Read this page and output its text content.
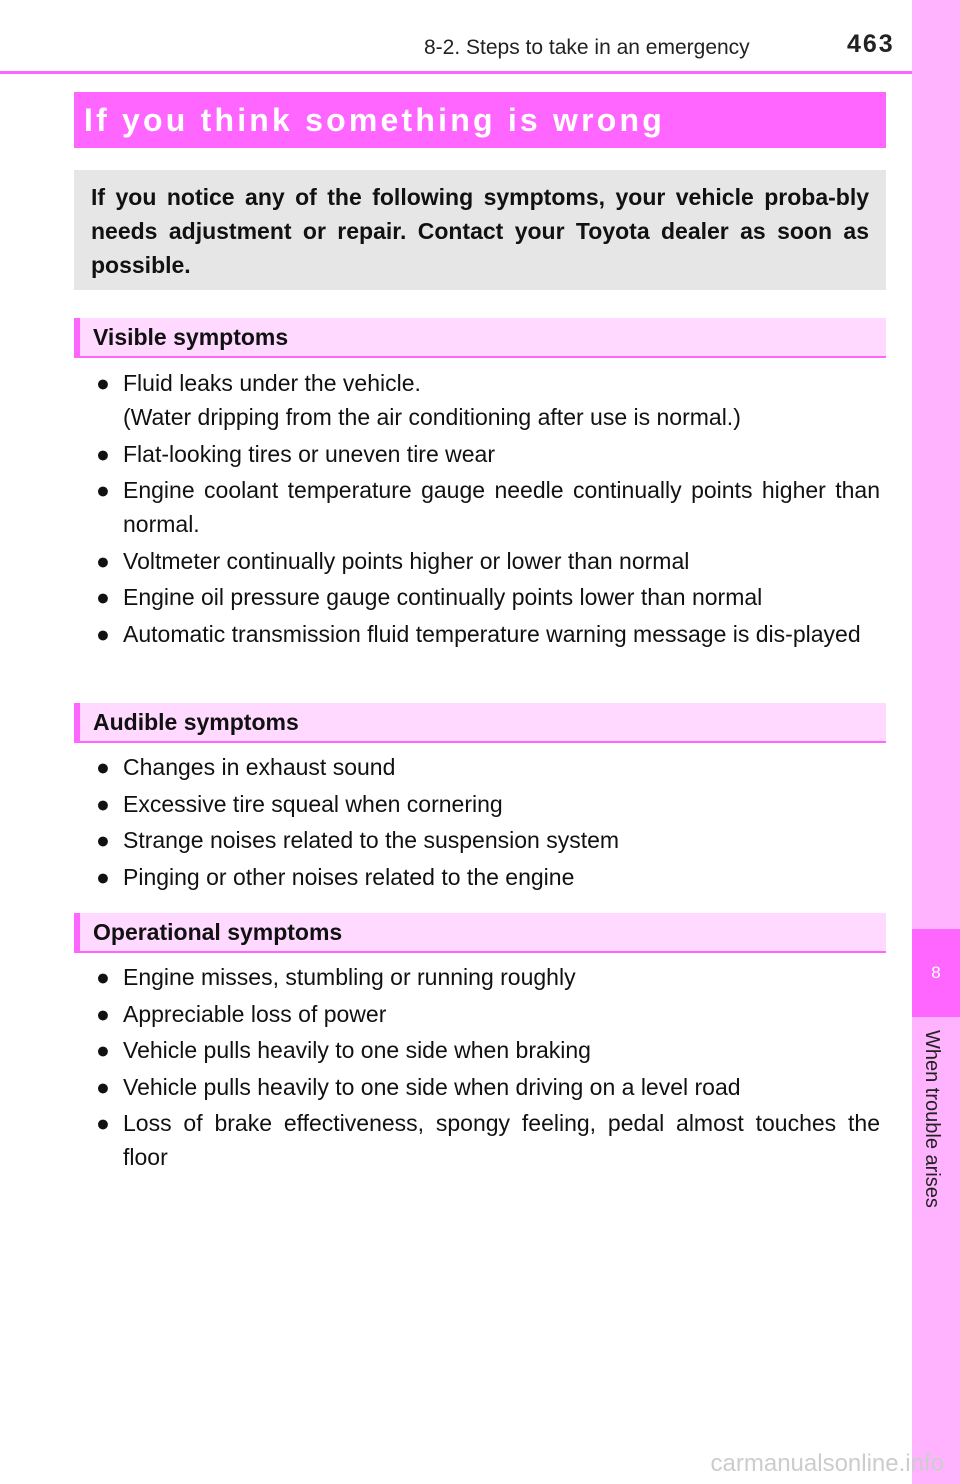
8-2. Steps to take in an emergency	463
8
When trouble arises
If you think something is wrong

If you notice any of the following symptoms, your vehicle proba-bly needs adjustment or repair. Contact your Toyota dealer as soon as possible.

Visible symptoms
● Fluid leaks under the vehicle.
(Water dripping from the air conditioning after use is normal.)
● Flat-looking tires or uneven tire wear
● Engine coolant temperature gauge needle continually points higher than normal.
● Voltmeter continually points higher or lower than normal
● Engine oil pressure gauge continually points lower than normal
● Automatic transmission fluid temperature warning message is dis-played
Audible symptoms
● Changes in exhaust sound
● Excessive tire squeal when cornering
● Strange noises related to the suspension system
● Pinging or other noises related to the engine
Operational symptoms
● Engine misses, stumbling or running roughly
● Appreciable loss of power
● Vehicle pulls heavily to one side when braking
● Vehicle pulls heavily to one side when driving on a level road
● Loss of brake effectiveness, spongy feeling, pedal almost touches the floor
carmanualsonline.info
